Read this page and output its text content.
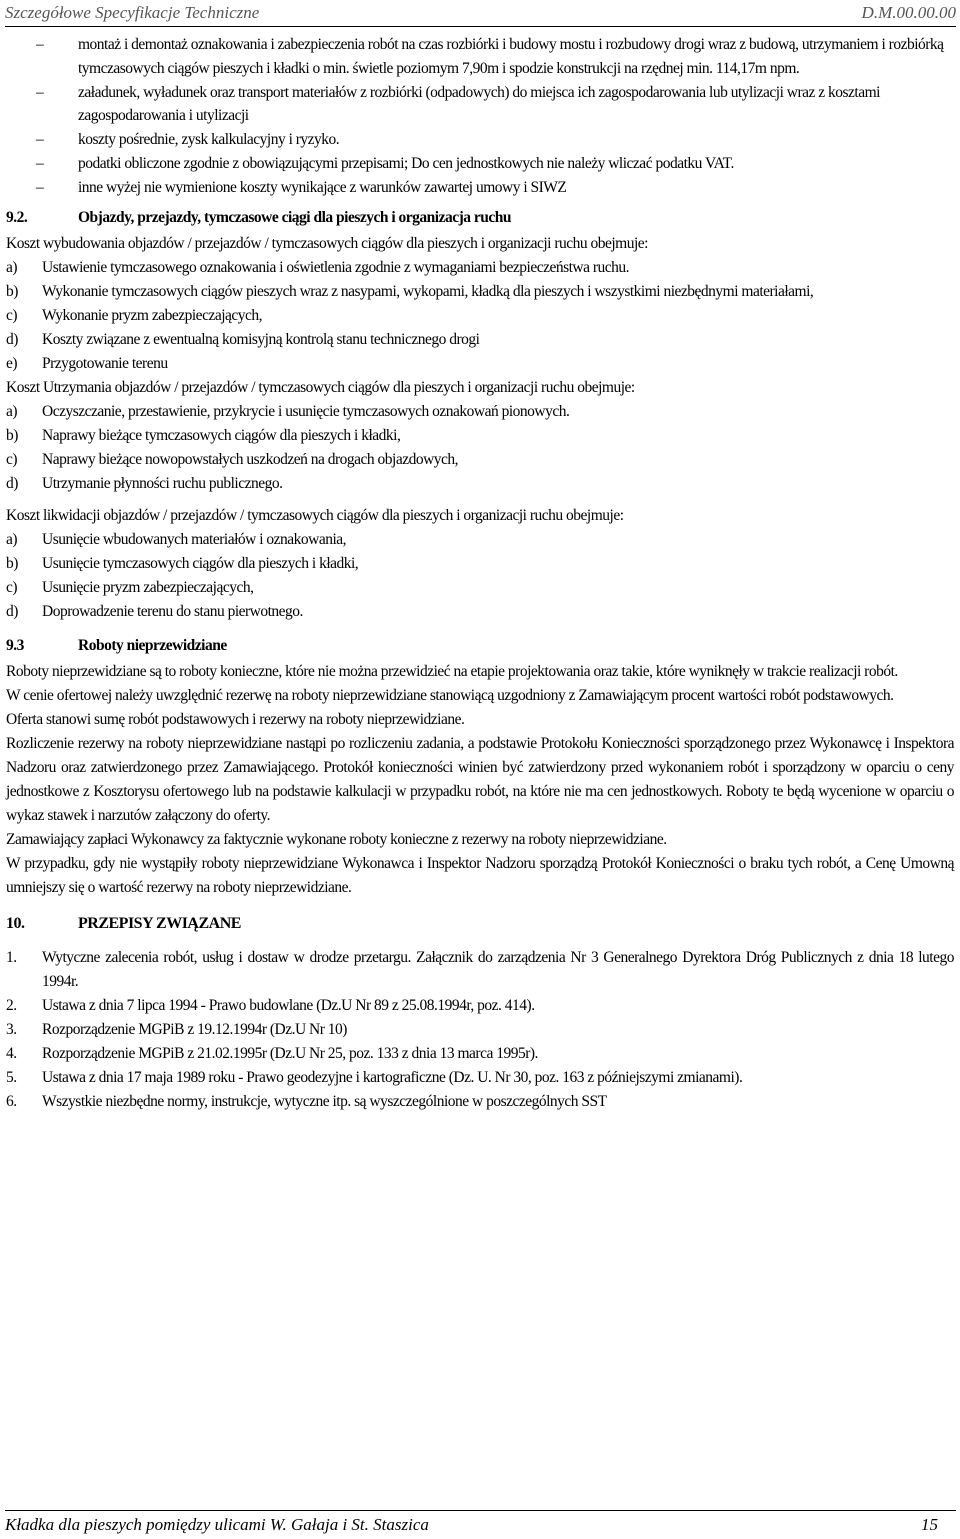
Szczegółowe Specyfikacje Techniczne	D.M.00.00.00
–	montaż i demontaż oznakowania i zabezpieczenia robót na czas rozbiórki i budowy mostu i rozbudowy drogi wraz z budową, utrzymaniem i rozbiórką tymczasowych ciągów pieszych i kładki o min. świetle poziomym 7,90m i spodzie konstrukcji na rzędnej min. 114,17m npm.
–	załadunek, wyładunek oraz transport materiałów z rozbiórki (odpadowych) do miejsca ich zagospodarowania lub utylizacji wraz z kosztami zagospodarowania i utylizacji
–	koszty pośrednie, zysk kalkulacyjny i ryzyko.
–	podatki obliczone zgodnie z obowiązującymi przepisami; Do cen jednostkowych nie należy wliczać podatku VAT.
–	inne wyżej nie wymienione koszty wynikające z warunków zawartej umowy i SIWZ
9.2.	Objazdy, przejazdy, tymczasowe ciągi dla pieszych i organizacja ruchu

Koszt wybudowania objazdów / przejazdów / tymczasowych ciągów dla pieszych i organizacji ruchu obejmuje:

a)	Ustawienie tymczasowego oznakowania i oświetlenia zgodnie z wymaganiami bezpieczeństwa ruchu.
b)	Wykonanie tymczasowych ciągów pieszych wraz z nasypami, wykopami, kładką dla pieszych i wszystkimi niezbędnymi materiałami,
c)	Wykonanie pryzm zabezpieczających,
d)	Koszty związane z ewentualną komisyjną kontrolą stanu technicznego drogi
e)	Przygotowanie terenu

Koszt Utrzymania objazdów / przejazdów / tymczasowych ciągów dla pieszych i organizacji ruchu obejmuje:

a)	Oczyszczanie, przestawienie, przykrycie i usunięcie tymczasowych oznakowań pionowych.
b)	Naprawy bieżące tymczasowych ciągów dla pieszych i kładki,
c)	Naprawy bieżące nowopowstałych uszkodzeń na drogach objazdowych,
d)	Utrzymanie płynności ruchu publicznego.

Koszt likwidacji objazdów / przejazdów / tymczasowych ciągów dla pieszych i organizacji ruchu obejmuje:

a)	Usunięcie wbudowanych materiałów i oznakowania,
b)	Usunięcie tymczasowych ciągów dla pieszych i kładki,
c)	Usunięcie pryzm zabezpieczających,
d)	Doprowadzenie terenu do stanu pierwotnego.
9.3	Roboty nieprzewidziane

Roboty nieprzewidziane są to roboty konieczne, które nie można przewidzieć na etapie projektowania oraz takie, które wyniknęły w trakcie realizacji robót.

W cenie ofertowej należy uwzględnić rezerwę na roboty nieprzewidziane stanowiącą uzgodniony z Zamawiającym procent wartości robót podstawowych.

Oferta stanowi sumę robót podstawowych i rezerwy na roboty nieprzewidziane.

Rozliczenie rezerwy na roboty nieprzewidziane nastąpi po rozliczeniu zadania, a podstawie Protokołu Konieczności sporządzonego przez Wykonawcę i Inspektora Nadzoru oraz zatwierdzonego przez Zamawiającego. Protokół konieczności winien być zatwierdzony przed wykonaniem robót i sporządzony w oparciu o ceny jednostkowe z Kosztorysu ofertowego lub na podstawie kalkulacji w przypadku robót, na które nie ma cen jednostkowych. Roboty te będą wycenione w oparciu o wykaz stawek i narzutów załączony do oferty.

Zamawiający zapłaci Wykonawcy za faktycznie wykonane roboty konieczne z rezerwy na roboty nieprzewidziane.

W przypadku, gdy nie wystąpiły roboty nieprzewidziane Wykonawca i Inspektor Nadzoru sporządzą Protokół Konieczności o braku tych robót, a Cenę Umowną umniejszy się o wartość rezerwy na roboty nieprzewidziane.

10.	PRZEPISY ZWIĄZANE
1.	Wytyczne zalecenia robót, usług i dostaw w drodze przetargu. Załącznik do zarządzenia Nr 3 Generalnego Dyrektora Dróg Publicznych z dnia 18 lutego 1994r.
2.	Ustawa z dnia 7 lipca 1994 - Prawo budowlane (Dz.U Nr 89 z 25.08.1994r, poz. 414).
3.	Rozporządzenie MGPiB z 19.12.1994r (Dz.U Nr 10)
4.	Rozporządzenie MGPiB z 21.02.1995r (Dz.U Nr 25, poz. 133 z dnia 13 marca 1995r).
5.	Ustawa z dnia 17 maja 1989 roku - Prawo geodezyjne i kartograficzne (Dz. U. Nr 30, poz. 163 z późniejszymi zmianami).
6.	Wszystkie niezbędne normy, instrukcje, wytyczne itp. są wyszczególnione w poszczególnych SST
Kładka dla pieszych pomiędzy ulicami W. Gałaja i St. Staszica	15
